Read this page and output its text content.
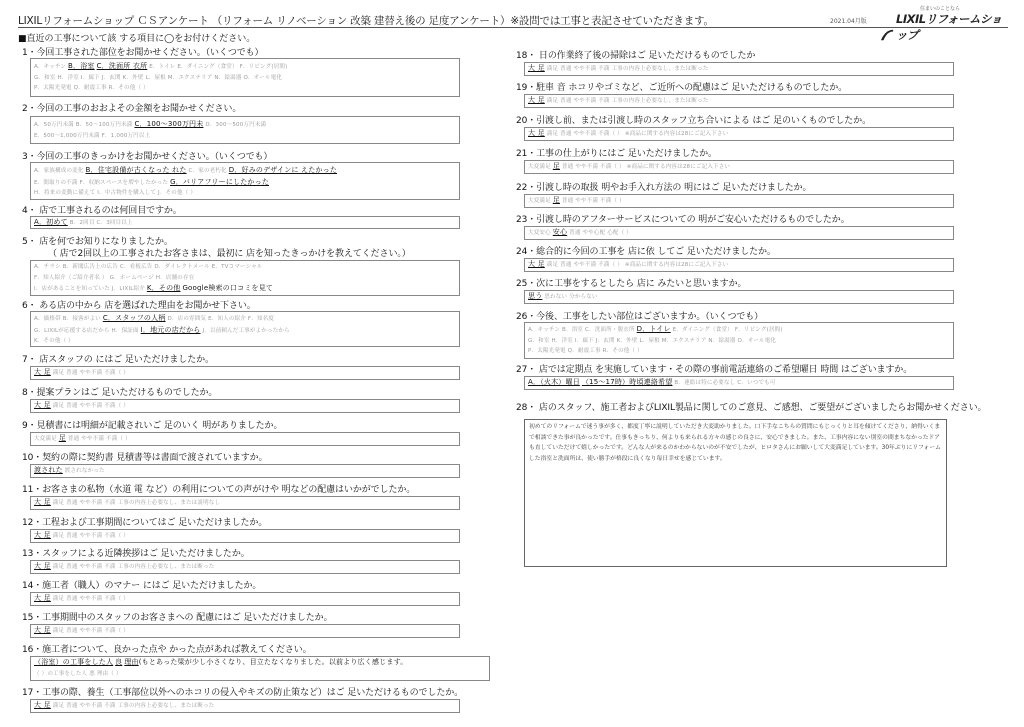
LIXILリフォームショップ ＣＳアンケート （リフォーム リノベーション 改築 建替え後の 足度アンケート）※設問では工事と表記させていただきます。	2021.04月版
住まいのことなら
LIXILリフォームショップ
■直近の工事について該 する項目に◯をお付けください。
1・今回工事された部位をお聞かせください。（いくつでも）
A．キッチン B．浴室 C．洗面所 衣所 E．トイレ E．ダイニング（食堂） F．リビング(居間)
G．和室 H．洋室 I．廊下 J．玄関 K．外壁 L．屋根 M．エクステリア N．給湯器 O．オール電化
P．太陽光発電 Q．耐震工事 R．その他（ ）
2・今回の工事のおおよその金額をお聞かせください。
A．50万円未満 B．50〜100万円未満 C．100〜300万円未 D．300〜500万円未満
E．500〜1,000万円未満 F．1,000万円以上
3・今回の工事のきっかけをお聞かせください。（いくつでも）
A．家族構成の変化 B．住宅設備が古くなった れた C．家の老朽化 D．好みのデザインに えたかった
E．間取りの不満 F．収納スペースを増やしたかった G．バリアフリーにしたかった
H．将来の変動に備えて I．中古物件を購入して J．その他（ ）
4・ 店で工事されるのは何回目ですか。
A．初めて B．2回目 C．3回目以上
5・ 店を何でお知りになりましたか。
（ 店で2回以上の工事されたお客さまは、最初に 店を知ったきっかけを教えてください。）
A．チラシ B．新聞広告上の広告 C．看板広告 D．ダイレクトメール E．TVコマーシャル
F．知人紹介（ご紹介者名 ） G．ホームページ H．店舗の存在
I．店があることを知っていた J．LIXIL紹介 K．その他 Google検索の口コミを見て
6・ ある店の中から 店を選ばれた理由をお聞かせ下さい。
A．価格帯 B．接客がよい C．スタッフの人柄 D．店の雰囲気 E．知人の紹介 F．知名度
G．LIXILが応援する店だから H．保証面 I．地元の店だから J．以前頼んだ工事がよかったから
K．その他（ ）
7・ 店スタッフの にはご 足いただけましたか。
大 足 満足 普通 やや不満 不満（ ）
8・提案プランはご 足いただけるものでしたか。
大 足 満足 普通 やや不満 不満（ ）
9・見積書には明細が記載されいご 足のいく 明がありましたか。
大変満足 足 普通 やや不満 不満（ ）
10・契約の際に契約書 見積書等は書面で渡されていますか。
渡された 渡されなかった
11・お客さまの私物（水道 電 など）の利用についての声がけや 明などの配慮はいかがでしたか。
大 足 満足 普通 やや不満 不満 工事の内容上必要なし、または説明なし
12・工程および工事期間についてはご 足いただけましたか。
大 足 満足 普通 やや不満 不満（ ）
13・スタッフによる近隣挨拶はご 足いただけましたか。
大 足 満足 普通 やや不満 不満 工事の内容上必要なし、または断った
14・施工者（職人）のマナー にはご 足いただけましたか。
大 足 満足 普通 やや不満 不満（ ）
15・工事期間中のスタッフのお客さまへの 配慮にはご 足いただけましたか。
大 足 満足 普通 やや不満 不満（ ）
16・施工者について、良かった点や かった点があれば教えてください。
（浴室）の工事をした人 良 理由(もとあった梁が少し小さくなり、目立たなくなりました。以前より広く感じます。
（ ）の工事をした人 悪 理由（ ）
17・工事の際、養生（工事部位以外へのホコリの侵入やキズの防止策など）はご 足いただけるものでしたか。
大 足 満足 普通 やや不満 不満 工事の内容上必要なし、または断った
18・ 日の作業終了後の掃除はご 足いただけるものでしたか
大 足 満足 普通 やや不満 不満 工事の内容上必要なし、または断った
19・駐車 音 ホコリやゴミなど、ご近所への配慮はご 足いただけるものでしたか。
大 足 満足 普通 やや不満 不満 工事の内容上必要なし、または断った
20・引渡し前、または引渡し時のスタッフ立ち合いによる はご 足のいくものでしたか。
大 足 満足 普通 やや不満 不満（ ） ※商品に関する内容は28にご記入下さい
21・工事の仕上がりにはご 足いただけましたか。
大変満足 足 普通 やや不満 不満（ ） ※商品に関する内容は28にご記入下さい
22・引渡し時の取扱 明やお手入れ方法の 明にはご 足いただけましたか。
大変満足 足 普通 やや不満 不満（ ）
23・引渡し時のアフターサービスについての 明がご安心いただけるものでしたか。
大変安心 安心 普通 やや心配 心配（ ）
24・総合的に今回の工事を 店に依 してご 足いただけましたか。
大 足 満足 普通 やや不満 不満（ ） ※商品に関する内容は28にご記入下さい
25・次に工事をするとしたら 店に みたいと思いますか。
思う 思わない 分からない
26・今後、工事をしたい部位はございますか。（いくつでも）
A．キッチン B．浴室 C．洗面所・脱衣所 D．トイレ E．ダイニング（食堂） F．リビング(居間)
G．和室 H．洋室 I．廊下 J．玄関 K．外壁 L．屋根 M．エクステリア N．給湯器 O．オール電化
P．太陽光発電 Q．耐震工事 R．その他（ ）
27・ 店では定期点 を実施しています・その際の事前電話連絡のご希望曜日 時間 はございますか。
A．（火木）曜日 （15〜17時）時頃連絡希望 B．連絡は特に必要なし C．いつでも可
28・ 店のスタッフ、施工者およびLIXIL製品に関してのご意見、ご感想、ご要望がございましたらお聞かせください。
初めてのリフォームで迷う事が多く、都度丁寧に説明していただき大変助かりました。口下手なこちらの質問にもじっくりと耳を傾けてくださり、納得いくまで相談できた事が良かったです。仕事もきっちり、何よりも来られる方々の感じの良さに、安心できました。また、工事内容にない別室の間まちなかったドアも直していただけて嬉しかったです。どんな人が来るのかわからないのが不安でしたが、ヒロタさんにお願いして大変満足しています。30年ぶりにリフォームした浴室と洗面所は、使い勝手が格段に良くなり毎日幸せを感じています。
